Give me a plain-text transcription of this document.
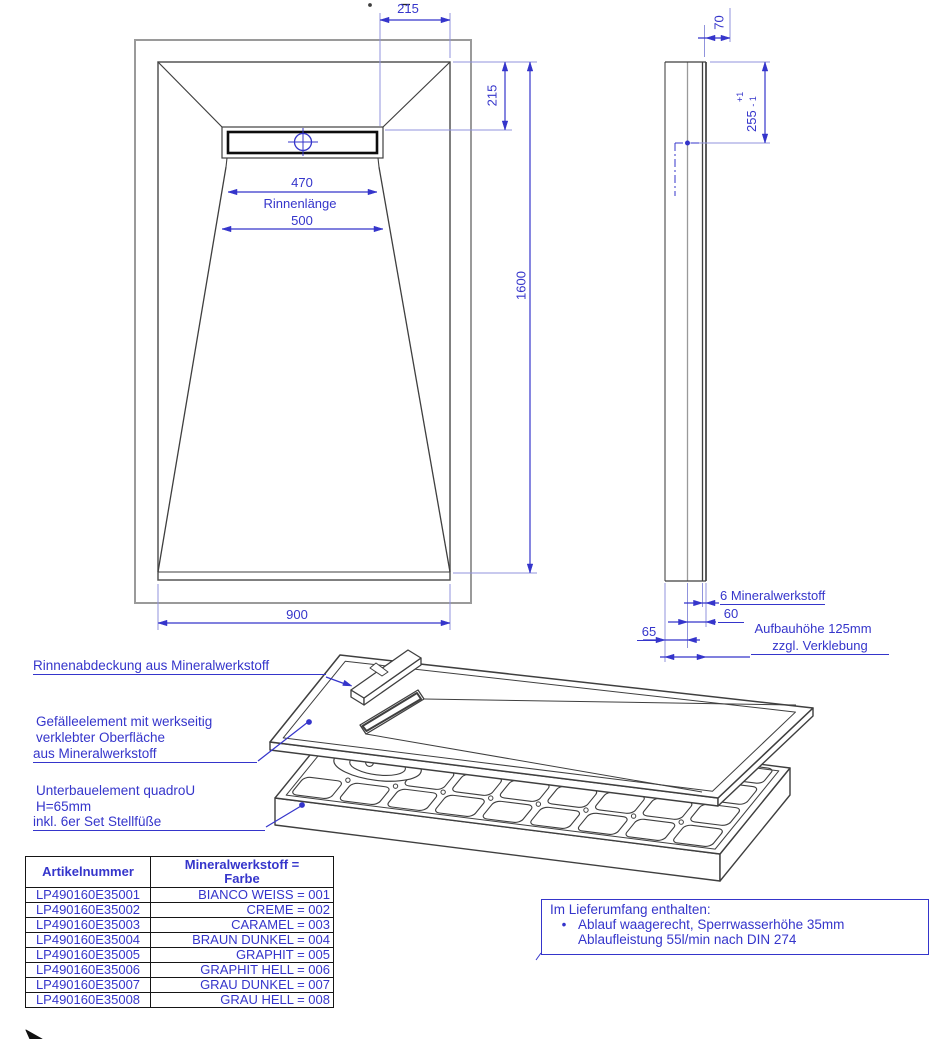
215
215
1600
470
Rinnenlänge
500
900
70
+1
255 - 1
6 Mineralwerkstoff
60
65	Aufbauhöhe 125mm
zzgl. Verklebung
Rinnenabdeckung aus Mineralwerkstoff
Gefälleelement mit werkseitig
verklebter Oberfläche
aus Mineralwerkstoff
Unterbauelement quadroU
H=65mm
inkl. 6er Set Stellfüße
Artikelnummer	Mineralwerkstoff =
Farbe

LP490160E35001	BIANCO WEISS = 001
LP490160E35002	CREME = 002
LP490160E35003	CARAMEL = 003
LP490160E35004	BRAUN DUNKEL = 004
LP490160E35005	GRAPHIT = 005
LP490160E35006	GRAPHIT HELL = 006
LP490160E35007	GRAU DUNKEL = 007
LP490160E35008	GRAU HELL = 008
Im Lieferumfang enthalten:
• Ablauf waagerecht, Sperrwasserhöhe 35mm
Ablaufleistung 55l/min nach DIN 274
